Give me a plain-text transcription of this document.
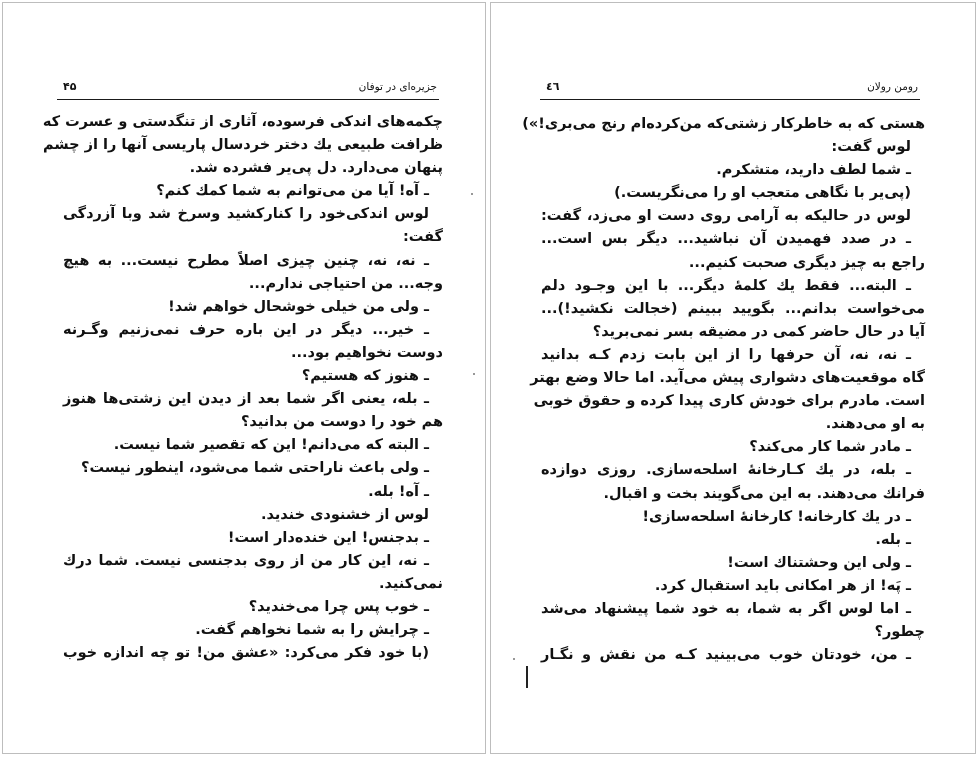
جزیره‌ای در توفان
۴۵
چکمه‌های اندکی فرسوده، آثاری از تنگدستی و عسرت که
ظرافت طبیعی یك دختر خردسال پاریسی آنها را از چشم
پنهان می‌دارد. دل پی‌یر فشرده شد.
ـ آه! آیا من می‌توانم به شما کمك کنم؟
لوس اندکی‌خود را کنارکشید وسرخ شد وبا آزردگی
گفت:
ـ نه، نه، چنین چیزی اصلاً مطرح نیست... به هیچ
وجه... من احتیاجی ندارم...
ـ ولی من خیلی خوشحال خواهم شد!
ـ خیر... دیگر در این باره حرف نمی‌زنیم وگـرنه
دوست نخواهیم بود...
ـ هنوز که هستیم؟
ـ بله، یعنی اگر شما بعد از دیدن این زشتی‌ها هنوز
هم خود را دوست من بدانید؟
ـ البته که می‌دانم! این که تقصیر شما نیست.
ـ ولی باعث ناراحتی شما می‌شود، اینطور نیست؟
ـ آه! بله.
لوس از خشنودی خندید.
ـ بدجنس! این خنده‌دار است!
ـ نه، این کار من از روی بدجنسی نیست. شما درك
نمی‌کنید.
ـ خوب پس چرا می‌خندید؟
ـ چرایش را به شما نخواهم گفت.
(با خود فکر می‌کرد: «عشق من! تو چه اندازه خوب
رومن رولان
٤٦
هستی که به خاطرکار زشتی‌که من‌کرده‌ام رنج می‌بری!»)
لوس گفت:
ـ شما لطف دارید، متشکرم.
(پی‌یر با نگاهی متعجب او را می‌نگریست.)
لوس در حالیکه به آرامی روی دست او می‌زد، گفت:
ـ در صدد فهمیدن آن نباشید... دیگر بس است...
راجع به چیز دیگری صحبت کنیم...
ـ البته... فقط یك کلمهٔ دیگر... با این وجـود دلم
می‌خواست بدانم... بگویید ببینم (خجالت نکشید!)...
آیا در حال حاضر کمی در مضیقه بسر نمی‌برید؟
ـ نه، نه، آن حرفها را از این بابت زدم کـه بدانید
گاه موقعیت‌های دشواری پیش می‌آید. اما حالا وضع بهتر
است. مادرم برای خودش کاری پیدا کرده و حقوق خوبی
به او می‌دهند.
ـ مادر شما کار می‌کند؟
ـ بله، در یك کـارخانهٔ اسلحه‌سازی. روزی دوازده
فرانك می‌دهند. به این می‌گویند بخت و اقبال.
ـ در یك کارخانه! کارخانهٔ اسلحه‌سازی!
ـ بله.
ـ ولی این وحشتناك است!
ـ پَه! از هر امکانی باید استقبال کرد.
ـ اما لوس اگر به شما، به خود شما پیشنهاد می‌شد
چطور؟
ـ من، خودتان خوب می‌بینید کـه من نقش و نگـار
